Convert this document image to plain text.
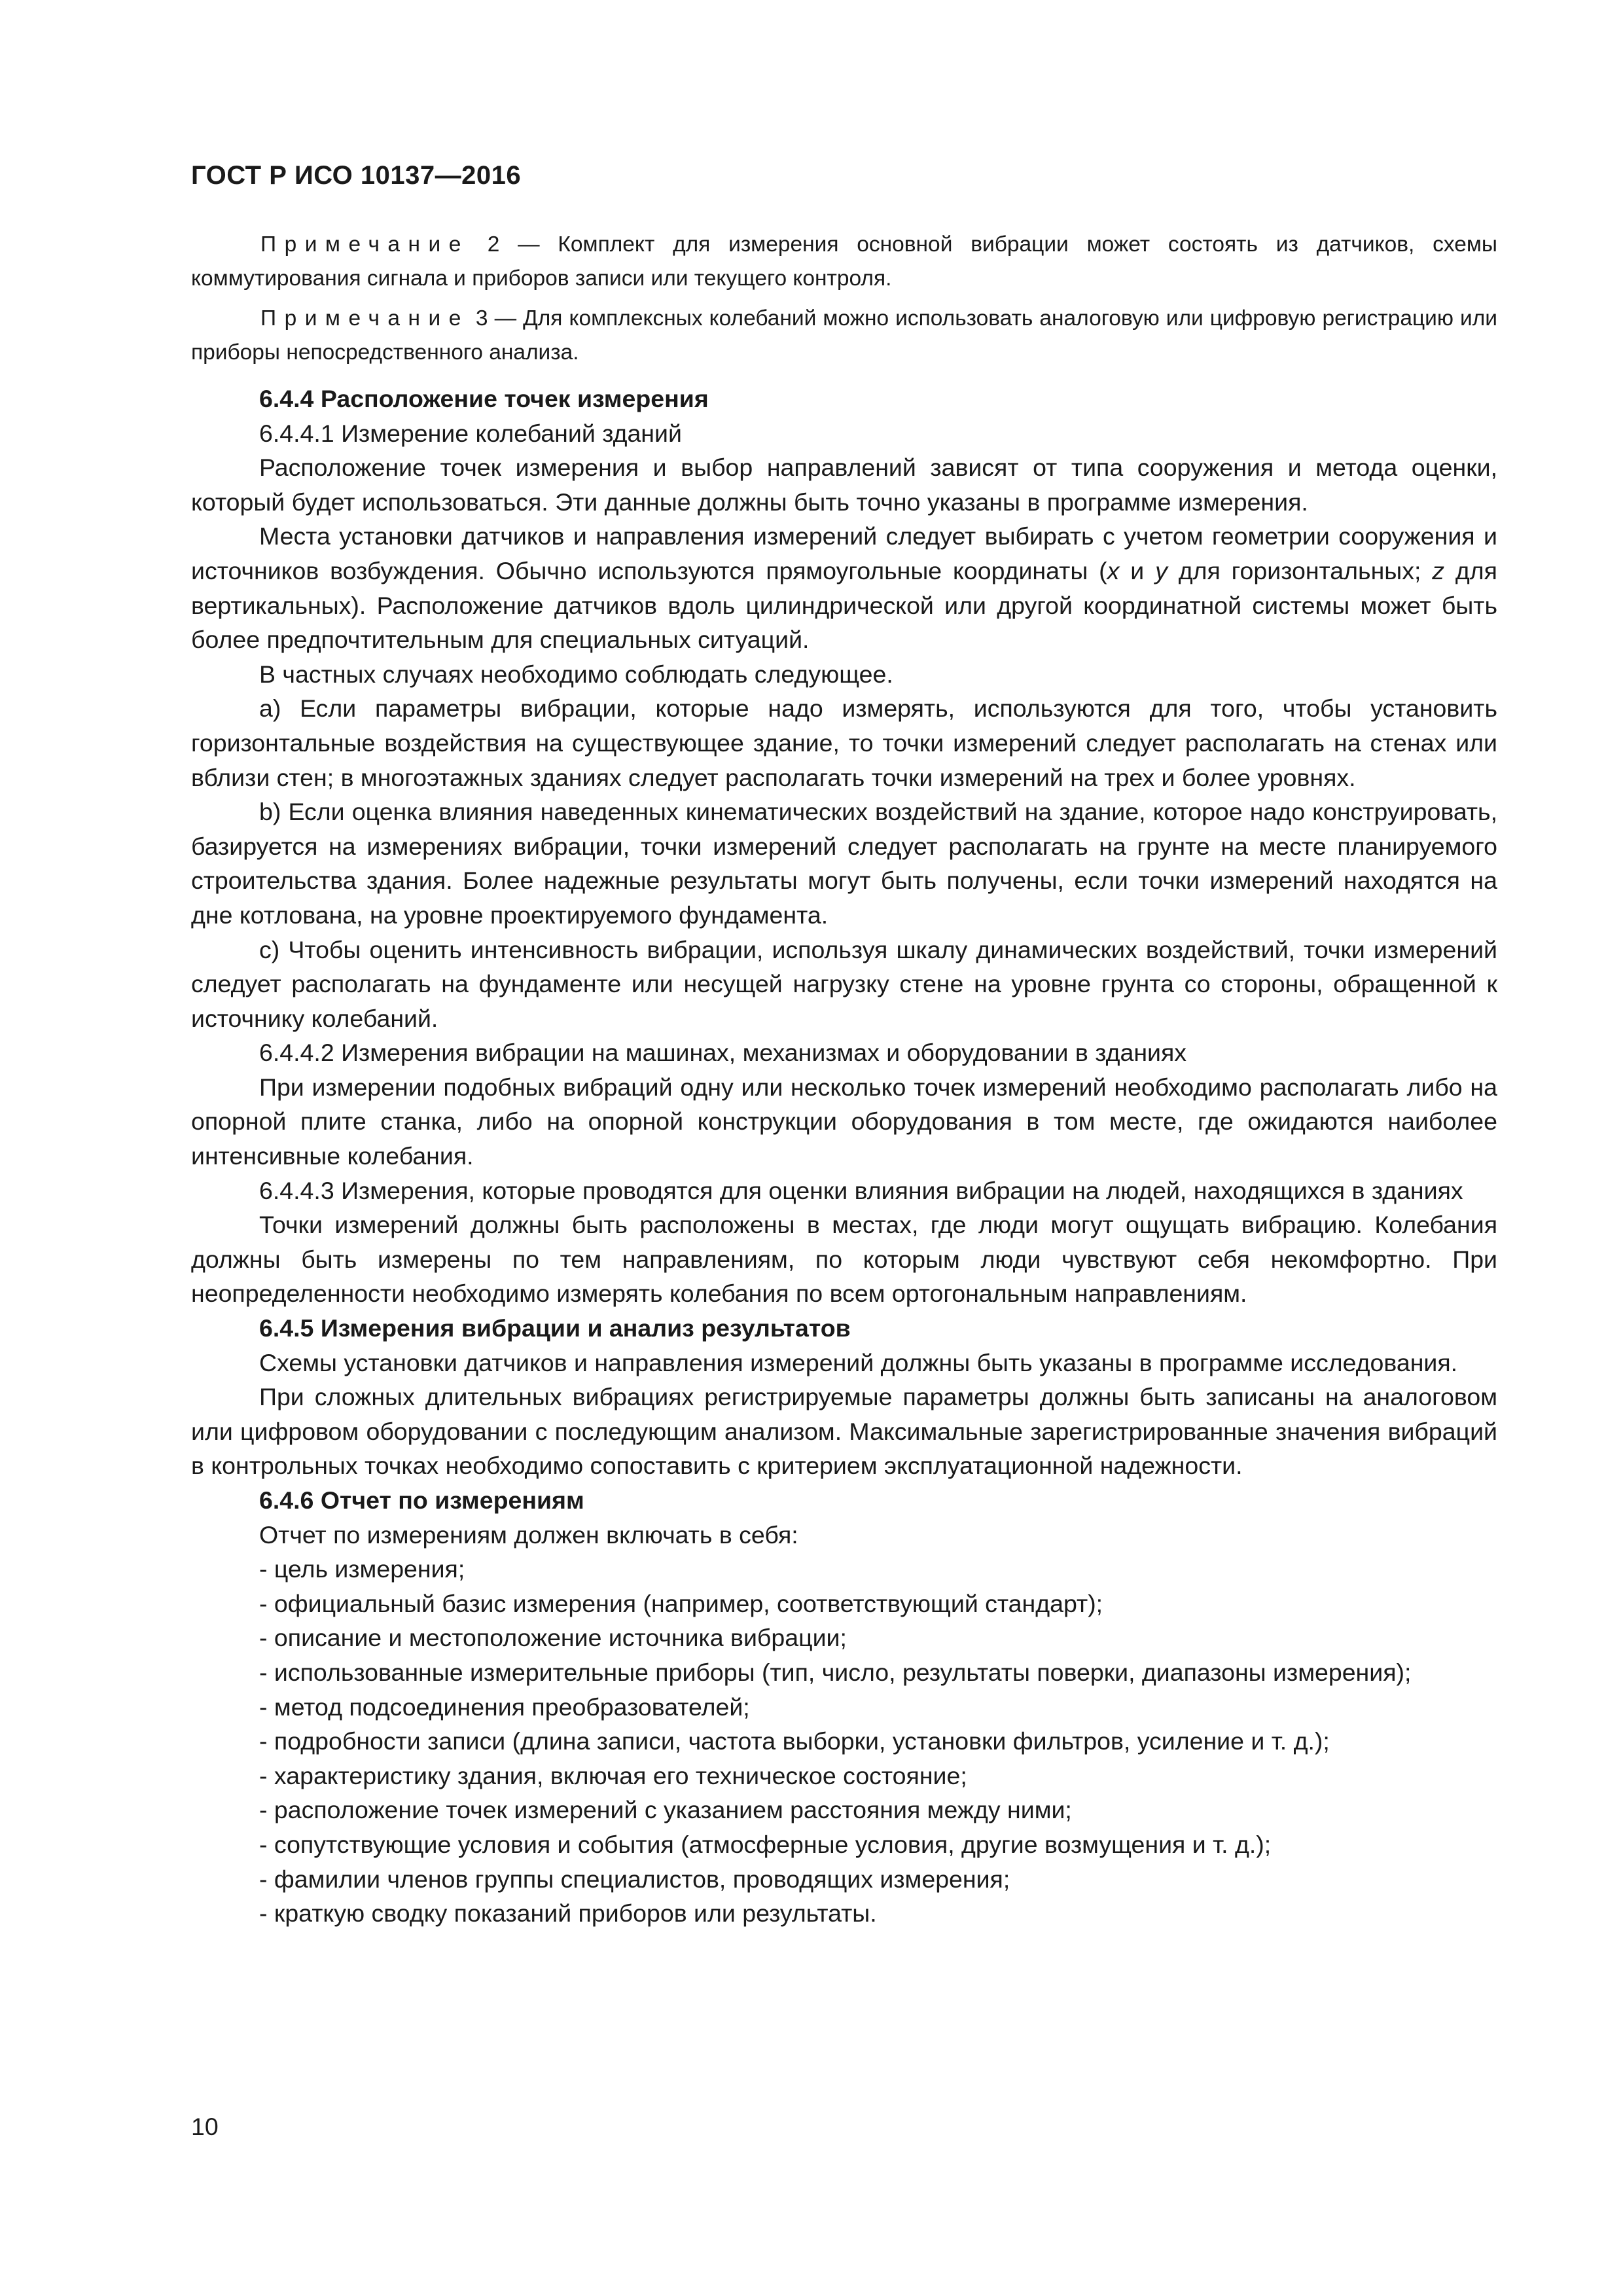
ГОСТ Р ИСО 10137—2016

Примечание 2 — Комплект для измерения основной вибрации может состоять из датчиков, схемы коммутирования сигнала и приборов записи или текущего контроля.

Примечание 3 — Для комплексных колебаний можно использовать аналоговую или цифровую регистрацию или приборы непосредственного анализа.

6.4.4 Расположение точек измерения

6.4.4.1 Измерение колебаний зданий

Расположение точек измерения и выбор направлений зависят от типа сооружения и метода оценки, который будет использоваться. Эти данные должны быть точно указаны в программе измерения.

Места установки датчиков и направления измерений следует выбирать с учетом геометрии сооружения и источников возбуждения. Обычно используются прямоугольные координаты (x и y для горизонтальных; z для вертикальных). Расположение датчиков вдоль цилиндрической или другой координатной системы может быть более предпочтительным для специальных ситуаций.

В частных случаях необходимо соблюдать следующее.

a) Если параметры вибрации, которые надо измерять, используются для того, чтобы установить горизонтальные воздействия на существующее здание, то точки измерений следует располагать на стенах или вблизи стен; в многоэтажных зданиях следует располагать точки измерений на трех и более уровнях.

b) Если оценка влияния наведенных кинематических воздействий на здание, которое надо конструировать, базируется на измерениях вибрации, точки измерений следует располагать на грунте на месте планируемого строительства здания. Более надежные результаты могут быть получены, если точки измерений находятся на дне котлована, на уровне проектируемого фундамента.

c) Чтобы оценить интенсивность вибрации, используя шкалу динамических воздействий, точки измерений следует располагать на фундаменте или несущей нагрузку стене на уровне грунта со стороны, обращенной к источнику колебаний.

6.4.4.2 Измерения вибрации на машинах, механизмах и оборудовании в зданиях

При измерении подобных вибраций одну или несколько точек измерений необходимо располагать либо на опорной плите станка, либо на опорной конструкции оборудования в том месте, где ожидаются наиболее интенсивные колебания.

6.4.4.3 Измерения, которые проводятся для оценки влияния вибрации на людей, находящихся в зданиях

Точки измерений должны быть расположены в местах, где люди могут ощущать вибрацию. Колебания должны быть измерены по тем направлениям, по которым люди чувствуют себя некомфортно. При неопределенности необходимо измерять колебания по всем ортогональным направлениям.

6.4.5 Измерения вибрации и анализ результатов

Схемы установки датчиков и направления измерений должны быть указаны в программе исследования.

При сложных длительных вибрациях регистрируемые параметры должны быть записаны на аналоговом или цифровом оборудовании с последующим анализом. Максимальные зарегистрированные значения вибраций в контрольных точках необходимо сопоставить с критерием эксплуатационной надежности.

6.4.6 Отчет по измерениям

Отчет по измерениям должен включать в себя:

- цель измерения;

- официальный базис измерения (например, соответствующий стандарт);

- описание и местоположение источника вибрации;

- использованные измерительные приборы (тип, число, результаты поверки, диапазоны измерения);

- метод подсоединения преобразователей;

- подробности записи (длина записи, частота выборки, установки фильтров, усиление и т. д.);

- характеристику здания, включая его техническое состояние;

- расположение точек измерений с указанием расстояния между ними;

- сопутствующие условия и события (атмосферные условия, другие возмущения и т. д.);

- фамилии членов группы специалистов, проводящих измерения;

- краткую сводку показаний приборов или результаты.

10
